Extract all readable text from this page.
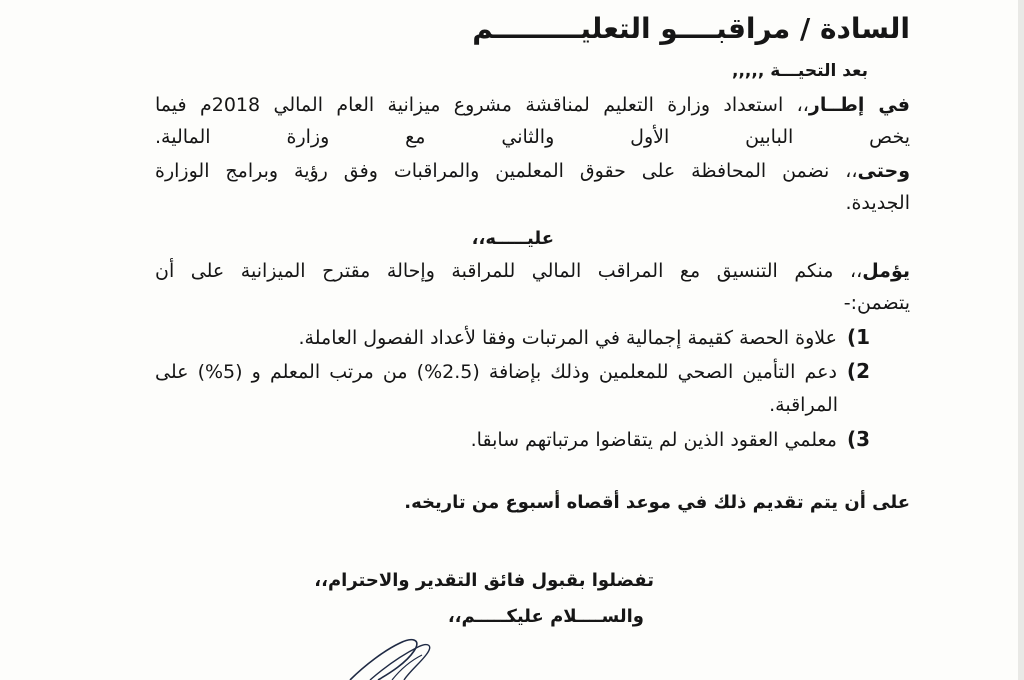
السادة / مراقبــــو التعليـــــــــم
بعد التحيـــة ,,,,,
في إطــار،، استعداد وزارة التعليم لمناقشة مشروع ميزانية العام المالي 2018م فيما
يخص البابين الأول والثاني مع وزارة المالية.
وحتى،، نضمن المحافظة على حقوق المعلمين والمراقبات وفق رؤية وبرامج الوزارة
الجديدة.
عليـــــه،،
يؤمل،، منكم التنسيق مع المراقب المالي للمراقبة وإحالة مقترح الميزانية على أن
يتضمن:-
1)علاوة الحصة كقيمة إجمالية في المرتبات وفقا لأعداد الفصول العاملة.
2)دعم التأمين الصحي للمعلمين وذلك بإضافة (2.5%) من مرتب المعلم و (5%) على
المراقبة.
3)معلمي العقود الذين لم يتقاضوا مرتباتهم سابقا.
على أن يتم تقديم ذلك في موعد أقصاه أسبوع من تاريخه.
تفضلوا بقبول فائق التقدير والاحترام،،
والســــلام عليكـــــم،،
